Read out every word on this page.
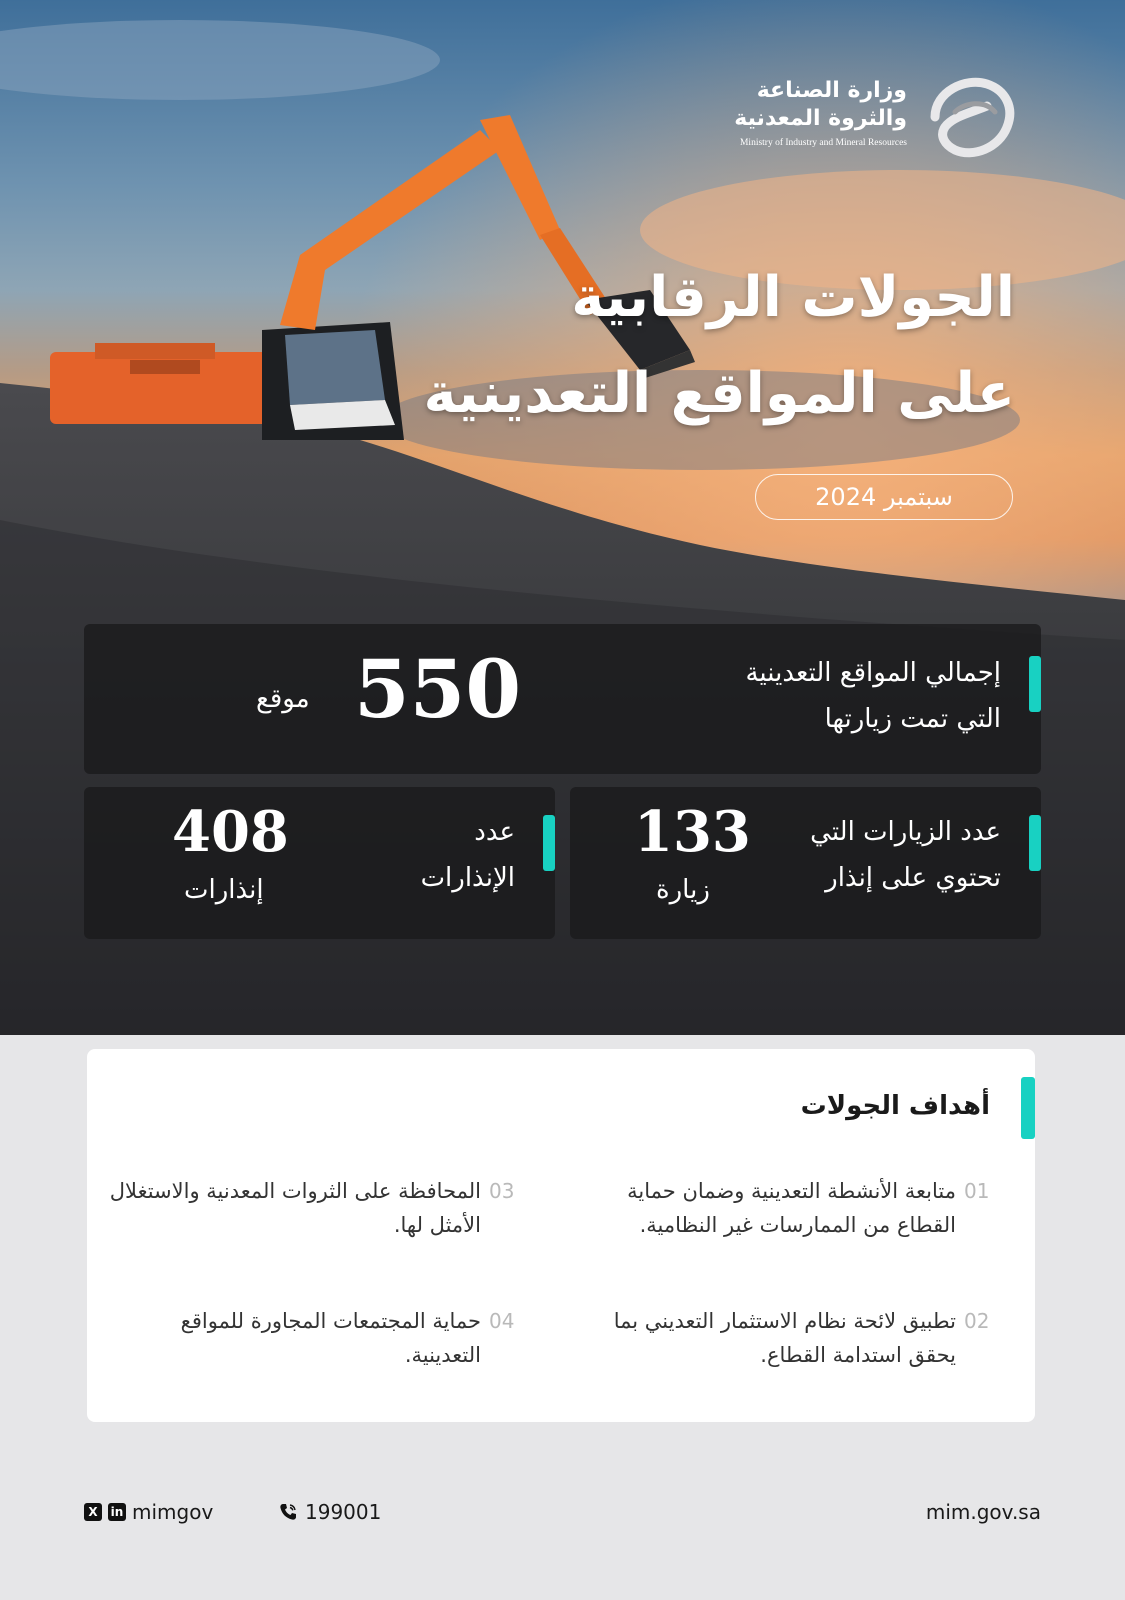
وزارة الصناعة
والثروة المعدنية
Ministry of Industry and Mineral Resources
الجولات الرقابية
على المواقع التعدينية
سبتمبر 2024
إجمالي المواقع التعدينية
التي تمت زيارتها
550
موقع
عدد الزيارات التي
تحتوي على إنذار
133
زيارة
عدد
الإنذارات
408
إنذارات
أهداف الجولات
01
متابعة الأنشطة التعدينية وضمان حماية القطاع من الممارسات غير النظامية.
02
تطبيق لائحة نظام الاستثمار التعديني بما يحقق استدامة القطاع.
03
المحافظة على الثروات المعدنية والاستغلال الأمثل لها.
04
حماية المجتمعات المجاورة للمواقع التعدينية.
X	in mimgov	199001	mim.gov.sa
